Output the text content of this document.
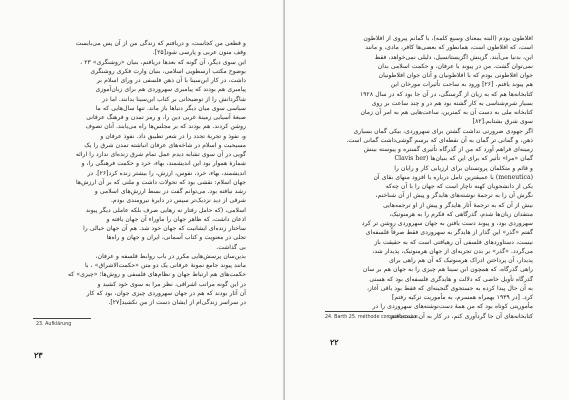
و قطعی من کجاست، و دریافتم که زندگی من از آن پس می‌بایست

وقف متون عربی و پارسی شود[۲۵].

این سوی دیگر، آن گونه که بعدها دریافتم، بنیان «روشنگری» ۲۳ ،

بوضوح مکتب ارسطویی اسلامی، بنیان وارث فکری روشنگری

داشت، در کار ابن‌سینا با آن ذهن فلسفی در ورای اسلام بر

پیامبری هم بودند که پیامبری سهروردی هم برای زبان‌آموزی

شاگردانش را از توضیحاتی بر کتاب ابن‌سینا بدانند. اما در

سیاسی سوی میان دیگر دنیاها باز ماند. تنها سال‌هایی که ما

صبغهٔ آسیایی زمینهٔ غربی دین را، و رمز تمدن و فرهنگ عرفانی

روشن کردند. هم بودند که بر مجلس‌ها راه می‌یابند. آنان تصوف

و، نفوذ و تجربهٔ تجدد را در شعر تطبیق داد. نفوذ عرفان و

مسیحیت و اسلام در شاخه‌های عرفان انباشته تمدن شرق را یک

گویی در آن سوی تشابه دیدم عمل تمام شرق زنده‌ای ندارد را ارائه

شمارهٔ هموار بود این اندیشمند، بهاء، خرد و حکمت فرهنگی را، و

اندیشمند، بهاء، خرد، نفوس، ارزش، را بیشتر زنده کرد[۲۶]. در

جهان اسلام: نقشی بود که تحولات داشت و ملتی که بر آن ارزش‌ها

رشد نیافته بود. می‌توانم گفت در بسط ارزش‌های اسلامی و

شرقی از دید نزدیک‌تر سپس در دایرهٔ نیرومندی بودم.

اسلامی، (که حامل رفتار نه رهایی صرف بلکه عاملی دیگر پیوند

اذعان داشت، که ظاهر جهان را ماوراء آن جهان یافته و

ساختار زنده‌ای ایشانیت که جهان خود شد. هم آن جهان خیالی را

تجلی در معنویت و کتاب آسمانی، ایران و جهان و راه‌ها

بی گذاشت.

بدین‌سان پرسش‌هایی مکرر در باب روابط فلسفه و عرفان،

مانند پیوند جامع نمونهٔ عرفانی یک دو متن «حکمت‌الاشراق» ، با

حکمت‌های هم ارتباط جهان و نظام‌های فلسفی و روش‌ها؛ «چیزی» که

در این گونه مراتب اشراقی، نظر مرا به سوی خود کشید و

آن آثار بودند که هم در جهان سهروردی چیزی جوان، بود که کار

در سراسر زندگی‌ام از ایشان دست از من نکشید[۲۷].

23. Aufklärung
۲۳

افلاطون بودم (البته بمعنای وسیع کلمه)، با گمانم پیروی از افلاطون

است، که افلاطون است، همانطور که بعضی‌ها کافر، مادی، و مانند

این، بدنیا می‌آیند. گزینش اگزیستانسیل، دلیلی نمی‌خواهد، فقط

نمی‌توان گشت. من در پیوند با عرفان، و حکمت اسلامی بدان

جوان افلاطونی بودم که با افلاطونیان و آنان جوان افلاطونیان

هم پیوند یافتم. [۲۶] ورود به ساحت تأثیرات مورخان این

کتابخانه‌ها هم که به زیان از گرسنگی، در آن جا بود که در سال ۱۹۲۸

بسیار شرم‌شناسی به کار گشته بود هم در و چند ساعت بر روی

کتابخانه ملی به دست آن به کمترین، ساعت‌هایی هم به امر آن زمان

سوی شرق بشتابم.[۸۲]

اگر جهودی ضرورتی نداشت گشتن برای سهروردی، بیکی گمان بسیاری

ذهن، و گمانی تر گمان به آن نقطه‌ای که برسم گوشی‌داشت گمانی است.

زمینه‌ای فراهم آورد که من از گذرگاه تأثیری گستره و پیوسته بینش

گمان «مرا» تأثیر که برای این که بنیان‌ها (Clavis her

و قائم و متکلمان پروتستان برای ارزیابی کار و رایان را

(meneutica) با عمیقترین تامل درباره یا افزود منهای بقای آن

یکی از دانشجویان کهنه ناچار است که جهان را با آن چه‌که

نگرش آن را به ترجمهٔ نوشته‌های هایدگر و پیش از آن شناختم،

بیش از آن که به ترجمهٔ آثار هایدگر و پیش از او ترجمه‌هایی

منتقدان زبان‌ها شدم، گذرگاهی که فکرم را به هرمنوتیک،

سهروردی بود، و پیوند دست یافتن به جهان سهروردی روشن تر کرد

گفتم «گذر» این گذار از هایدگر به سهروردی فقط صرفاً فلسفه‌ای

نیست، دستاوردهای فلسفی آن رهیافتی است که به حقیقت باز

می‌گردد. «گذر» بر بدن تجربه‌ای از جهان هرمنوتیک، پدیدار شد،

پدیدار، آن پرداختن ادراک هرمنوتیک که آن هم راهی برای

راهی گذرگاه، که همچون ابن سینا هم چیزی را به جهان هم بر سان

گذرگاه تأویل خاصی که دلالت و هایدگری فلسفه‌ای بود که هستی

به آن حال پیدا کرده به جستجوی گنجینه‌ای که فقط بود باقی آغاز،

کرد. [در ۱۹۳۹ بهمراه همسرم، به مأموریت ترکیه رفتم]

مأموریتی کوتاه بود که من همهٔ دست‌نوشته‌های سهروردی را در

کتابخانه‌های آن جا گردآوری کنم، در کار به آن دست‌یافتم.

24. Barth 25. méthode compréhensive.
۲۲
